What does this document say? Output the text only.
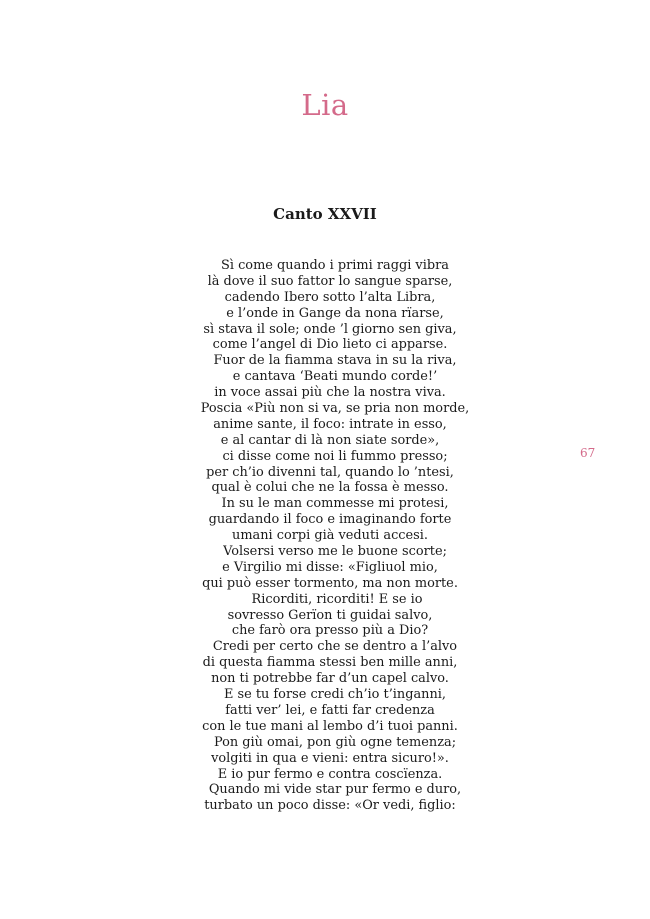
Lia
Canto XXVII
67
Sì come quando i primi raggi vibra
là dove il suo fattor lo sangue sparse,
cadendo Ibero sotto l’alta Libra,
e l’onde in Gange da nona rïarse,
sì stava il sole; onde ’l giorno sen giva,
come l’angel di Dio lieto ci apparse.
Fuor de la fiamma stava in su la riva,
e cantava ‘Beati mundo corde!’
in voce assai più che la nostra viva.
Poscia «Più non si va, se pria non morde,
anime sante, il foco: intrate in esso,
e al cantar di là non siate sorde»,
ci disse come noi li fummo presso;
per ch’io divenni tal, quando lo ’ntesi,
qual è colui che ne la fossa è messo.
In su le man commesse mi protesi,
guardando il foco e imaginando forte
umani corpi già veduti accesi.
Volsersi verso me le buone scorte;
e Virgilio mi disse: «Figliuol mio,
qui può esser tormento, ma non morte.
Ricorditi, ricorditi! E se io
sovresso Gerïon ti guidai salvo,
che farò ora presso più a Dio?
Credi per certo che se dentro a l’alvo
di questa fiamma stessi ben mille anni,
non ti potrebbe far d’un capel calvo.
E se tu forse credi ch’io t’inganni,
fatti ver’ lei, e fatti far credenza
con le tue mani al lembo d’i tuoi panni.
Pon giù omai, pon giù ogne temenza;
volgiti in qua e vieni: entra sicuro!».
E io pur fermo e contra coscïenza.
Quando mi vide star pur fermo e duro,
turbato un poco disse: «Or vedi, figlio:
